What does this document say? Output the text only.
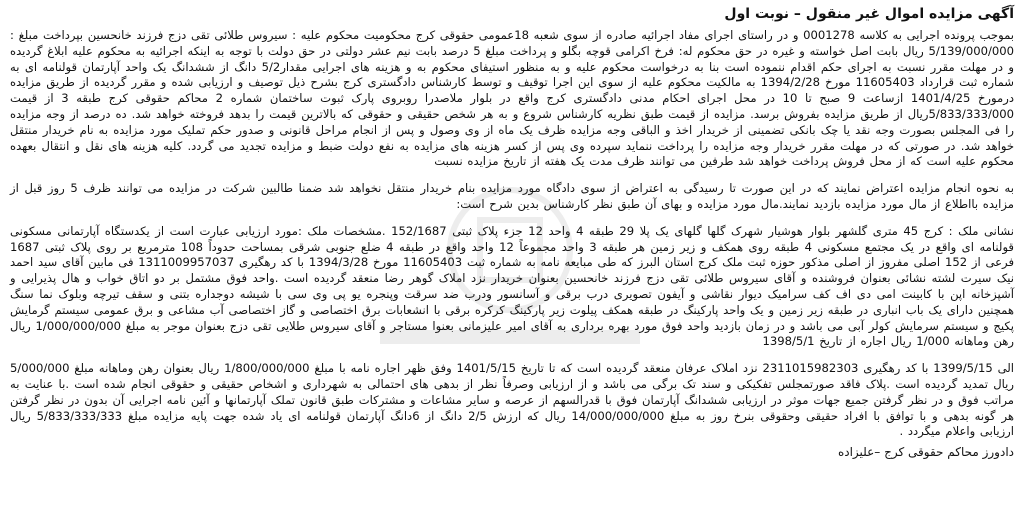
آگهی مزایده اموال غیر منقول – نوبت اول

بموجب پرونده اجرایی به کلاسه 0001278 و در راستای اجرای مفاد اجرائیه صادره از سوی شعبه 18عمومی حقوقی کرج محکومیت محکوم علیه : سیروس طلائی تقی دزج فرزند خانحسین بپرداخت مبلغ : 5/139/000/000 ریال بابت اصل خواسته و غیره در حق محکوم له: فرخ اکرامی قوچه بگلو و پرداخت مبلغ 5 درصد بابت نیم عشر دولتی در حق دولت با توجه به اینکه اجرائیه به محکوم علیه ابلاغ گردیده و در مهلت مقرر نسبت به اجرای حکم اقدام ننموده است بنا به درخواست محکوم علیه و به منظور استیفای محکوم به و هزینه های اجرایی مقدار5/2 دانگ از ششدانگ یک واحد آپارتمان قولنامه ای به شماره ثبت قرارداد 11605403 مورخ 1394/2/28 به مالکیت محکوم علیه از سوی این اجرا توقیف و توسط کارشناس دادگستری کرج بشرح ذیل توصیف و ارزیابی شده و مقرر گردیده از طریق مزایده درمورخ 1401/4/25 ازساعت 9 صبح تا 10 در محل اجرای احکام مدنی دادگستری کرج واقع در بلوار ملاصدرا روبروی پارک ثبوت ساختمان شماره 2 محاکم حقوقی کرج طبقه 3 از قیمت 5/833/333/000ریال از طریق مزایده بفروش برسد. مزایده از قیمت طبق نظریه کارشناس شروع و به هر شخص حقیقی و حقوقی که بالاترین قیمت را بدهد فروخته خواهد شد. ده درصد از وجه مزایده را فی المجلس بصورت وجه نقد یا چک بانکی تضمینی از خریدار اخذ و الباقی وجه مزایده ظرف یک ماه از وی وصول و پس از انجام مراحل قانونی و صدور حکم تملیک مورد مزایده به نام خریدار منتقل خواهد شد. در صورتی که در مهلت مقرر خریدار وجه مزایده را پرداخت ننماید سپرده وی پس از کسر هزینه های مزایده به نفع دولت ضبط و مزایده تجدید می گردد. کلیه هزینه های نقل و انتقال بعهده محکوم علیه است که از محل فروش پرداخت خواهد شد طرفین می توانند ظرف مدت یک هفته از تاریخ مزایده نسبت

به نحوه انجام مزایده اعتراض نمایند که در این صورت تا رسیدگی به اعتراض از سوی دادگاه مورد مزایده بنام خریدار منتقل نخواهد شد ضمنا طالبین شرکت در مزایده می توانند ظرف 5 روز قبل از مزایده بااطلاع از مال مورد مزایده بازدید نمایند.مال مورد مزایده و بهای آن طبق نظر کارشناس بدین شرح است:

نشانی ملک : کرج 45 متری گلشهر بلوار هوشیار شهرک گلها گلهای یک پلا 29 طبقه 4 واحد 12 جزء پلاک ثبتی 152/1687 .مشخصات ملک :مورد ارزیابی عبارت است از یکدستگاه آپارتمانی مسکونی قولنامه ای واقع در یک مجتمع مسکونی 4 طبقه روی همکف و زیر زمین هر طبقه 3 واحد مجموعاً 12 واحد واقع در طبقه 4 ضلع جنوبی شرقی بمساحت حدوداً 108 مترمربع بر روی پلاک ثبتی 1687 فرعی از 152 اصلی مفروز از اصلی مذکور حوزه ثبت ملک کرج استان البرز که طی مبایعه نامه به شماره ثبت 11605403 مورخ 1394/3/28 با کد رهگیری 1311009957037 فی مابین آقای سید احمد نیک سیرت لشته نشائی بعنوان فروشنده و آقای سیروس طلائی تقی دزج فرزند خانحسین بعنوان خریدار نزد املاک گوهر رضا منعقد گردیده است .واحد فوق مشتمل بر دو اتاق خواب و هال پذیرایی و آشپزخانه اپن با کابینت امی دی اف کف سرامیک دیوار نقاشی و آیفون تصویری درب برقی و آسانسور ودرب ضد سرقت وپنجره یو پی وی سی با شیشه دوجداره بتنی و سقف تیرچه وبلوک نما سنگ همچنین دارای یک باب انباری در طبقه زیر زمین و یک واحد پارکینگ در طبقه همکف پیلوت زیر پارکینگ کرکره برقی با انشعابات برق اختصاصی و گاز اختصاصی آب مشاعی و برق عمومی سیستم گرمایش پکیج و سیستم سرمایش کولر آبی می باشد و در زمان بازدید واحد فوق مورد بهره برداری به آقای امیر علیزمانی بعنوا مستاجر و آقای سیروس طلایی تقی دزج بعنوان موجر به مبلغ 1/000/000/000 ریال رهن وماهانه 1/000 ریال اجاره از تاریخ 1398/5/1

الی 1399/5/15 با کد رهگیری 2311015982303 نزد املاک عرفان منعقد گردیده است که تا تاریخ 1401/5/15 وفق ظهر اجاره نامه با مبلغ 1/800/000/000 ریال بعنوان رهن وماهانه مبلغ 5/000/000 ریال تمدید گردیده است .پلاک فاقد صورتمجلس تفکیکی و سند تک برگی می باشد و از ارزیابی وصرفاً نظر از بدهی های احتمالی به شهرداری و اشخاص حقیقی و حقوقی انجام شده است .با عنایت به مراتب فوق و در نظر گرفتن جمیع جهات موثر در ارزیابی ششدانگ آپارتمان فوق با قدرالسهم از عرصه و سایر مشاعات و مشترکات طبق قانون تملک آپارتمانها و آئین نامه اجرایی آن بدون در نظر گرفتن هر گونه بدهی و با توافق با افراد حقیقی وحقوقی بنرخ روز به مبلغ 14/000/000/000 ریال که ارزش 2/5 دانگ از 6دانگ آپارتمان قولنامه ای یاد شده جهت پایه مزایده مبلغ 5/833/333/333 ریال ارزیابی واعلام میگردد .

دادورز محاکم حقوقی کرج –علیزاده
